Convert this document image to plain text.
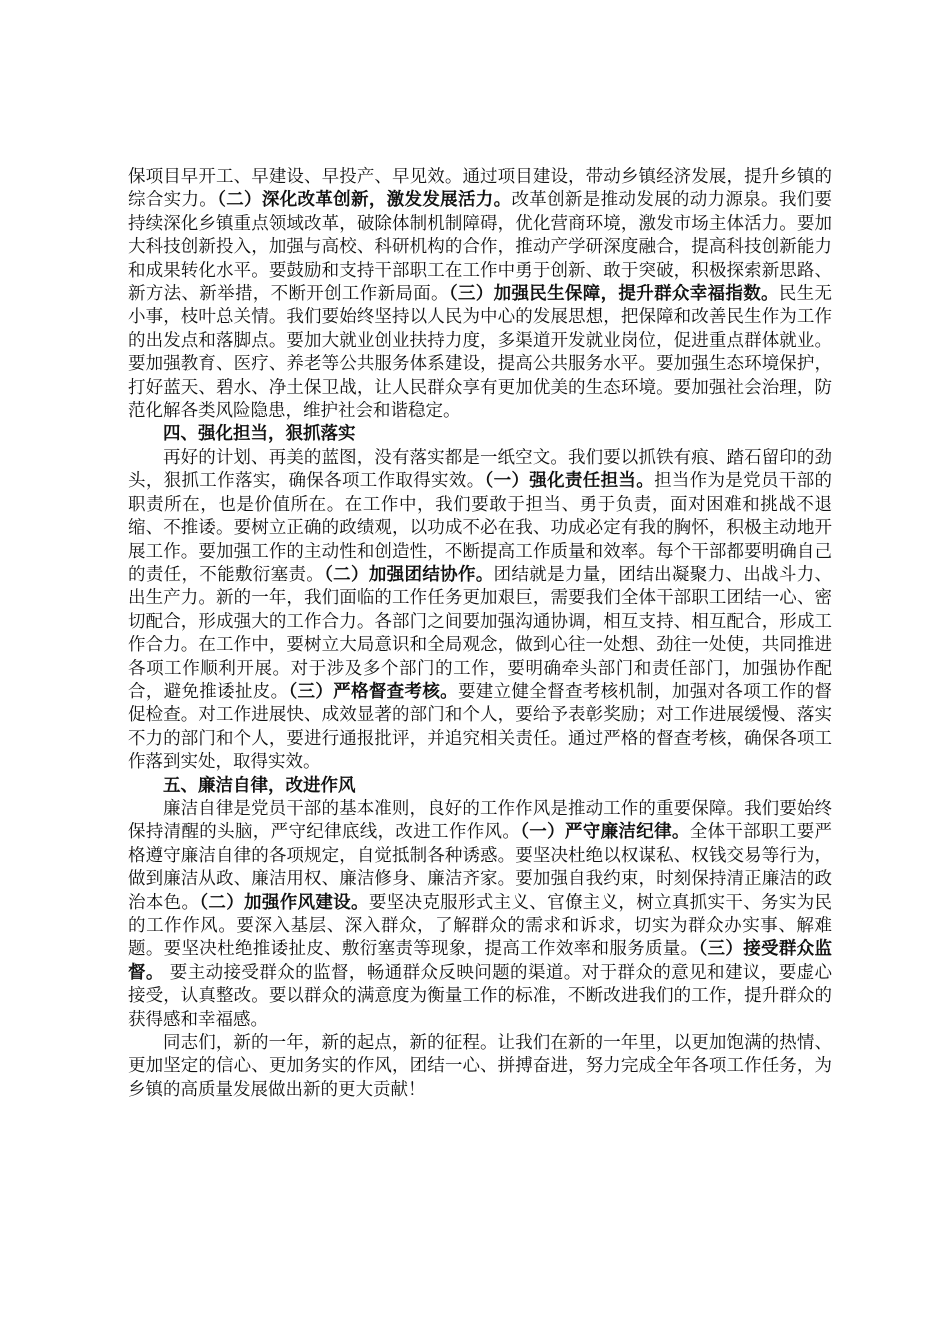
保项目早开工、早建设、早投产、早见效。通过项目建设，带动乡镇经济发展，提升乡镇的综合实力。（二）深化改革创新，激发发展活力。改革创新是推动发展的动力源泉。我们要持续深化乡镇重点领域改革，破除体制机制障碍，优化营商环境，激发市场主体活力。要加大科技创新投入，加强与高校、科研机构的合作，推动产学研深度融合，提高科技创新能力和成果转化水平。要鼓励和支持干部职工在工作中勇于创新、敢于突破，积极探索新思路、新方法、新举措，不断开创工作新局面。（三）加强民生保障，提升群众幸福指数。民生无小事，枝叶总关情。我们要始终坚持以人民为中心的发展思想，把保障和改善民生作为工作的出发点和落脚点。要加大就业创业扶持力度，多渠道开发就业岗位，促进重点群体就业。要加强教育、医疗、养老等公共服务体系建设，提高公共服务水平。要加强生态环境保护，打好蓝天、碧水、净土保卫战，让人民群众享有更加优美的生态环境。要加强社会治理，防范化解各类风险隐患，维护社会和谐稳定。

四、强化担当，狠抓落实

再好的计划、再美的蓝图，没有落实都是一纸空文。我们要以抓铁有痕、踏石留印的劲头，狠抓工作落实，确保各项工作取得实效。（一）强化责任担当。担当作为是党员干部的职责所在，也是价值所在。在工作中，我们要敢于担当、勇于负责，面对困难和挑战不退缩、不推诿。要树立正确的政绩观，以功成不必在我、功成必定有我的胸怀，积极主动地开展工作。要加强工作的主动性和创造性，不断提高工作质量和效率。每个干部都要明确自己的责任，不能敷衍塞责。（二）加强团结协作。团结就是力量，团结出凝聚力、出战斗力、出生产力。新的一年，我们面临的工作任务更加艰巨，需要我们全体干部职工团结一心、密切配合，形成强大的工作合力。各部门之间要加强沟通协调，相互支持、相互配合，形成工作合力。在工作中，要树立大局意识和全局观念，做到心往一处想、劲往一处使，共同推进各项工作顺利开展。对于涉及多个部门的工作，要明确牵头部门和责任部门，加强协作配合，避免推诿扯皮。（三）严格督查考核。要建立健全督查考核机制，加强对各项工作的督促检查。对工作进展快、成效显著的部门和个人，要给予表彰奖励；对工作进展缓慢、落实不力的部门和个人，要进行通报批评，并追究相关责任。通过严格的督查考核，确保各项工作落到实处，取得实效。

五、廉洁自律，改进作风

廉洁自律是党员干部的基本准则，良好的工作作风是推动工作的重要保障。我们要始终保持清醒的头脑，严守纪律底线，改进工作作风。（一）严守廉洁纪律。全体干部职工要严格遵守廉洁自律的各项规定，自觉抵制各种诱惑。要坚决杜绝以权谋私、权钱交易等行为，做到廉洁从政、廉洁用权、廉洁修身、廉洁齐家。要加强自我约束，时刻保持清正廉洁的政治本色。（二）加强作风建设。要坚决克服形式主义、官僚主义，树立真抓实干、务实为民的工作作风。要深入基层、深入群众，了解群众的需求和诉求，切实为群众办实事、解难题。要坚决杜绝推诿扯皮、敷衍塞责等现象，提高工作效率和服务质量。（三）接受群众监督。 要主动接受群众的监督，畅通群众反映问题的渠道。对于群众的意见和建议，要虚心接受，认真整改。要以群众的满意度为衡量工作的标准，不断改进我们的工作，提升群众的获得感和幸福感。

同志们，新的一年，新的起点，新的征程。让我们在新的一年里，以更加饱满的热情、更加坚定的信心、更加务实的作风，团结一心、拼搏奋进，努力完成全年各项工作任务，为乡镇的高质量发展做出新的更大贡献！
